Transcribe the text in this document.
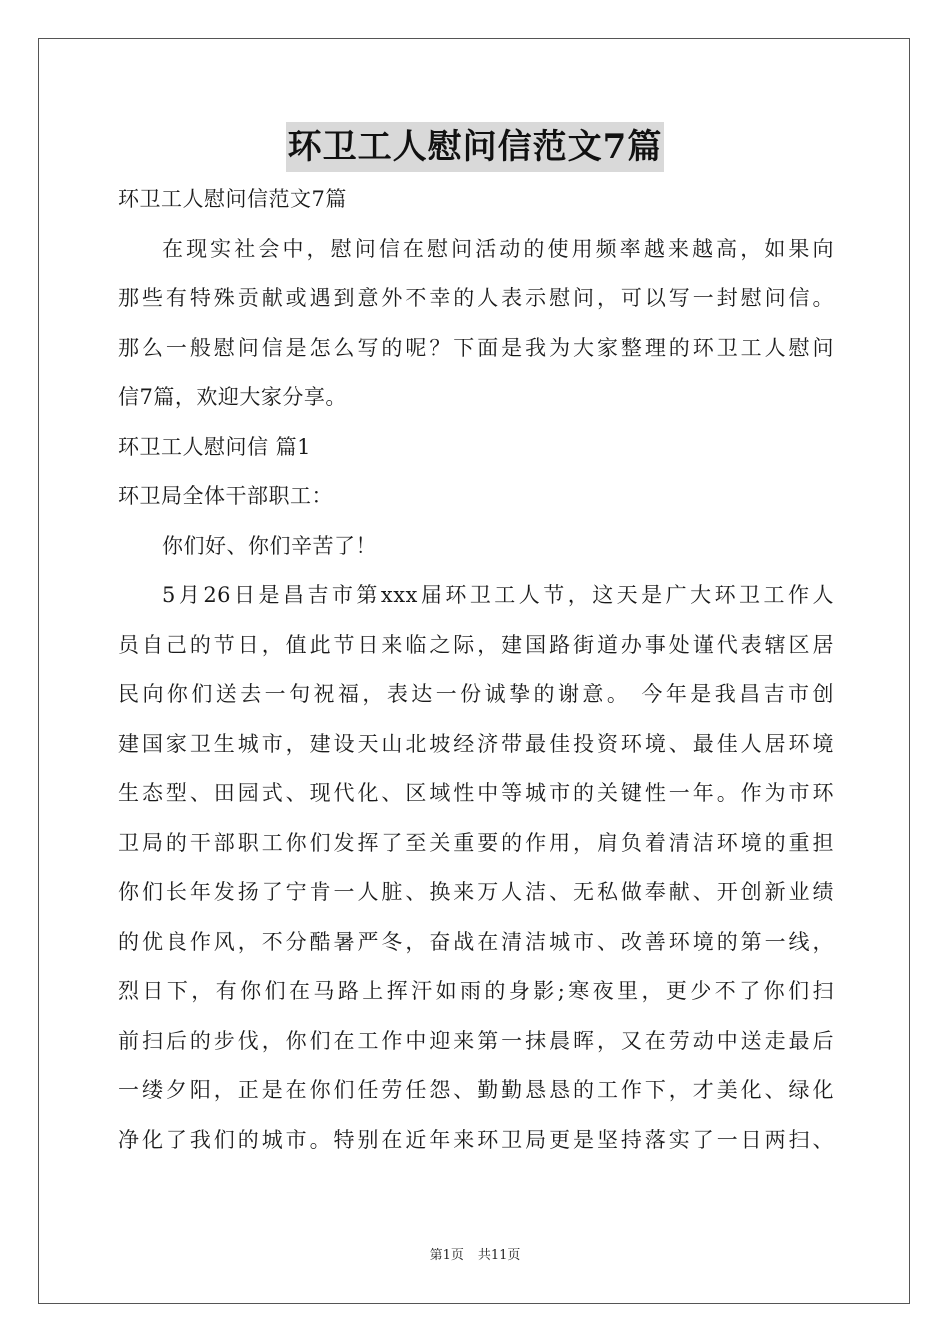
环卫工人慰问信范文7篇
环卫工人慰问信范文7篇
在现实社会中，慰问信在慰问活动的使用频率越来越高，如果向
那些有特殊贡献或遇到意外不幸的人表示慰问，可以写一封慰问信。
那么一般慰问信是怎么写的呢？下面是我为大家整理的环卫工人慰问
信7篇，欢迎大家分享。
环卫工人慰问信 篇1
环卫局全体干部职工：
你们好、你们辛苦了！
5月26日是昌吉市第xxx届环卫工人节，这天是广大环卫工作人
员自己的节日，值此节日来临之际，建国路街道办事处谨代表辖区居
民向你们送去一句祝福，表达一份诚挚的谢意。 今年是我昌吉市创
建国家卫生城市，建设天山北坡经济带最佳投资环境、最佳人居环境
生态型、田园式、现代化、区域性中等城市的关键性一年。作为市环
卫局的干部职工你们发挥了至关重要的作用，肩负着清洁环境的重担
你们长年发扬了宁肯一人脏、换来万人洁、无私做奉献、开创新业绩
的优良作风，不分酷暑严冬，奋战在清洁城市、改善环境的第一线，
烈日下，有你们在马路上挥汗如雨的身影;寒夜里，更少不了你们扫
前扫后的步伐，你们在工作中迎来第一抹晨晖，又在劳动中送走最后
一缕夕阳，正是在你们任劳任怨、勤勤恳恳的工作下，才美化、绿化
净化了我们的城市。特别在近年来环卫局更是坚持落实了一日两扫、
第1页 共11页
